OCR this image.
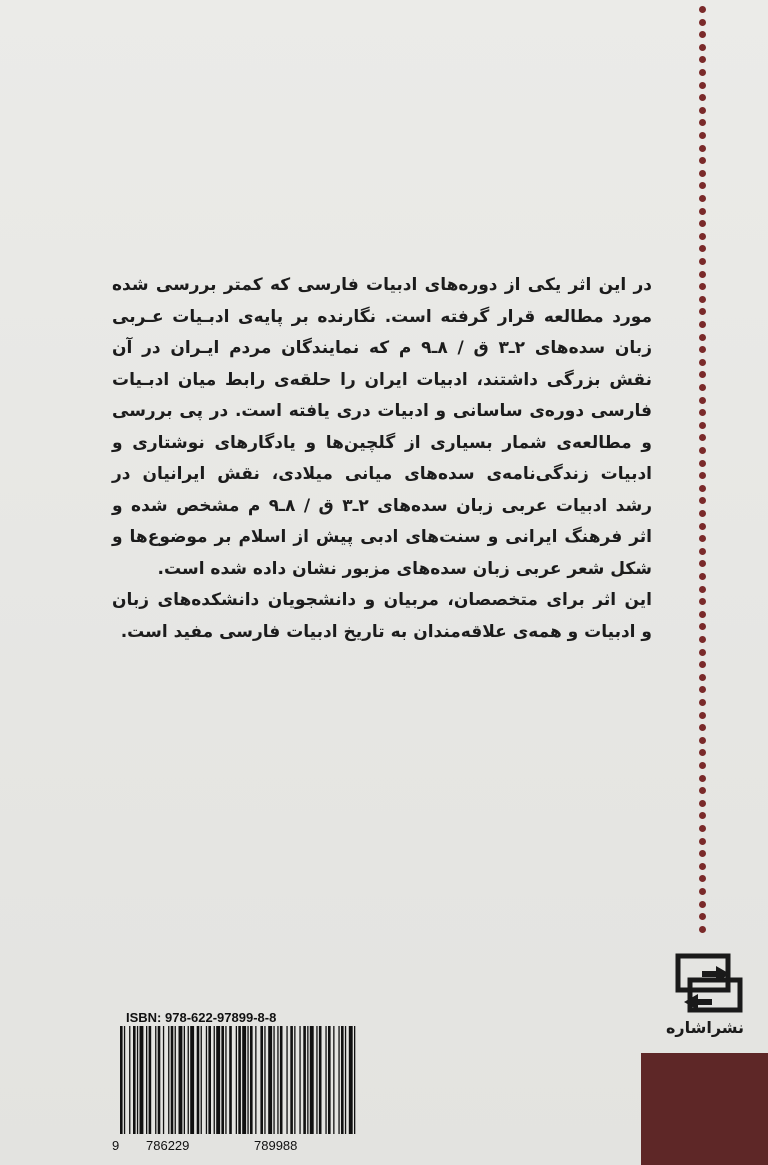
در این اثر یکی از دوره‌های ادبیات فارسی که کمتر بررسی شده

مورد مطالعه قرار گرفته است. نگارنده بر پایه‌ی ادبـیات عـربی

زبان سده‌های ۲ـ۳ ق / ۸ـ۹ م که نمایندگان مردم ایـران در آن

نقش بزرگی داشتند، ادبیات ایران را حلقه‌ی رابط میان ادبـیات

فارسی دوره‌ی ساسانی و ادبیات دری یافته است. در پی بررسی

و مطالعه‌ی شمار بسیاری از گلچین‌ها و یادگارهای نوشتاری و

ادبیات زندگی‌نامه‌ی سده‌های میانی میلادی، نقش ایرانیان در

رشد ادبیات عربی زبان سده‌های ۲ـ۳ ق / ۸ـ۹ م مشخص شده و

اثر فرهنگ ایرانی و سنت‌های ادبی پیش از اسلام بر موضوع‌ها و

شکل شعر عربی زبان سده‌های مزبور نشان داده شده است.

این اثر برای متخصصان، مربیان و دانشجویان دانشکده‌های زبان

و ادبیات و همه‌ی علاقه‌مندان به تاریخ ادبیات فارسی مفید است.

نشراشاره
ISBN: 978-622-97899-8-8
9 786229	789988
